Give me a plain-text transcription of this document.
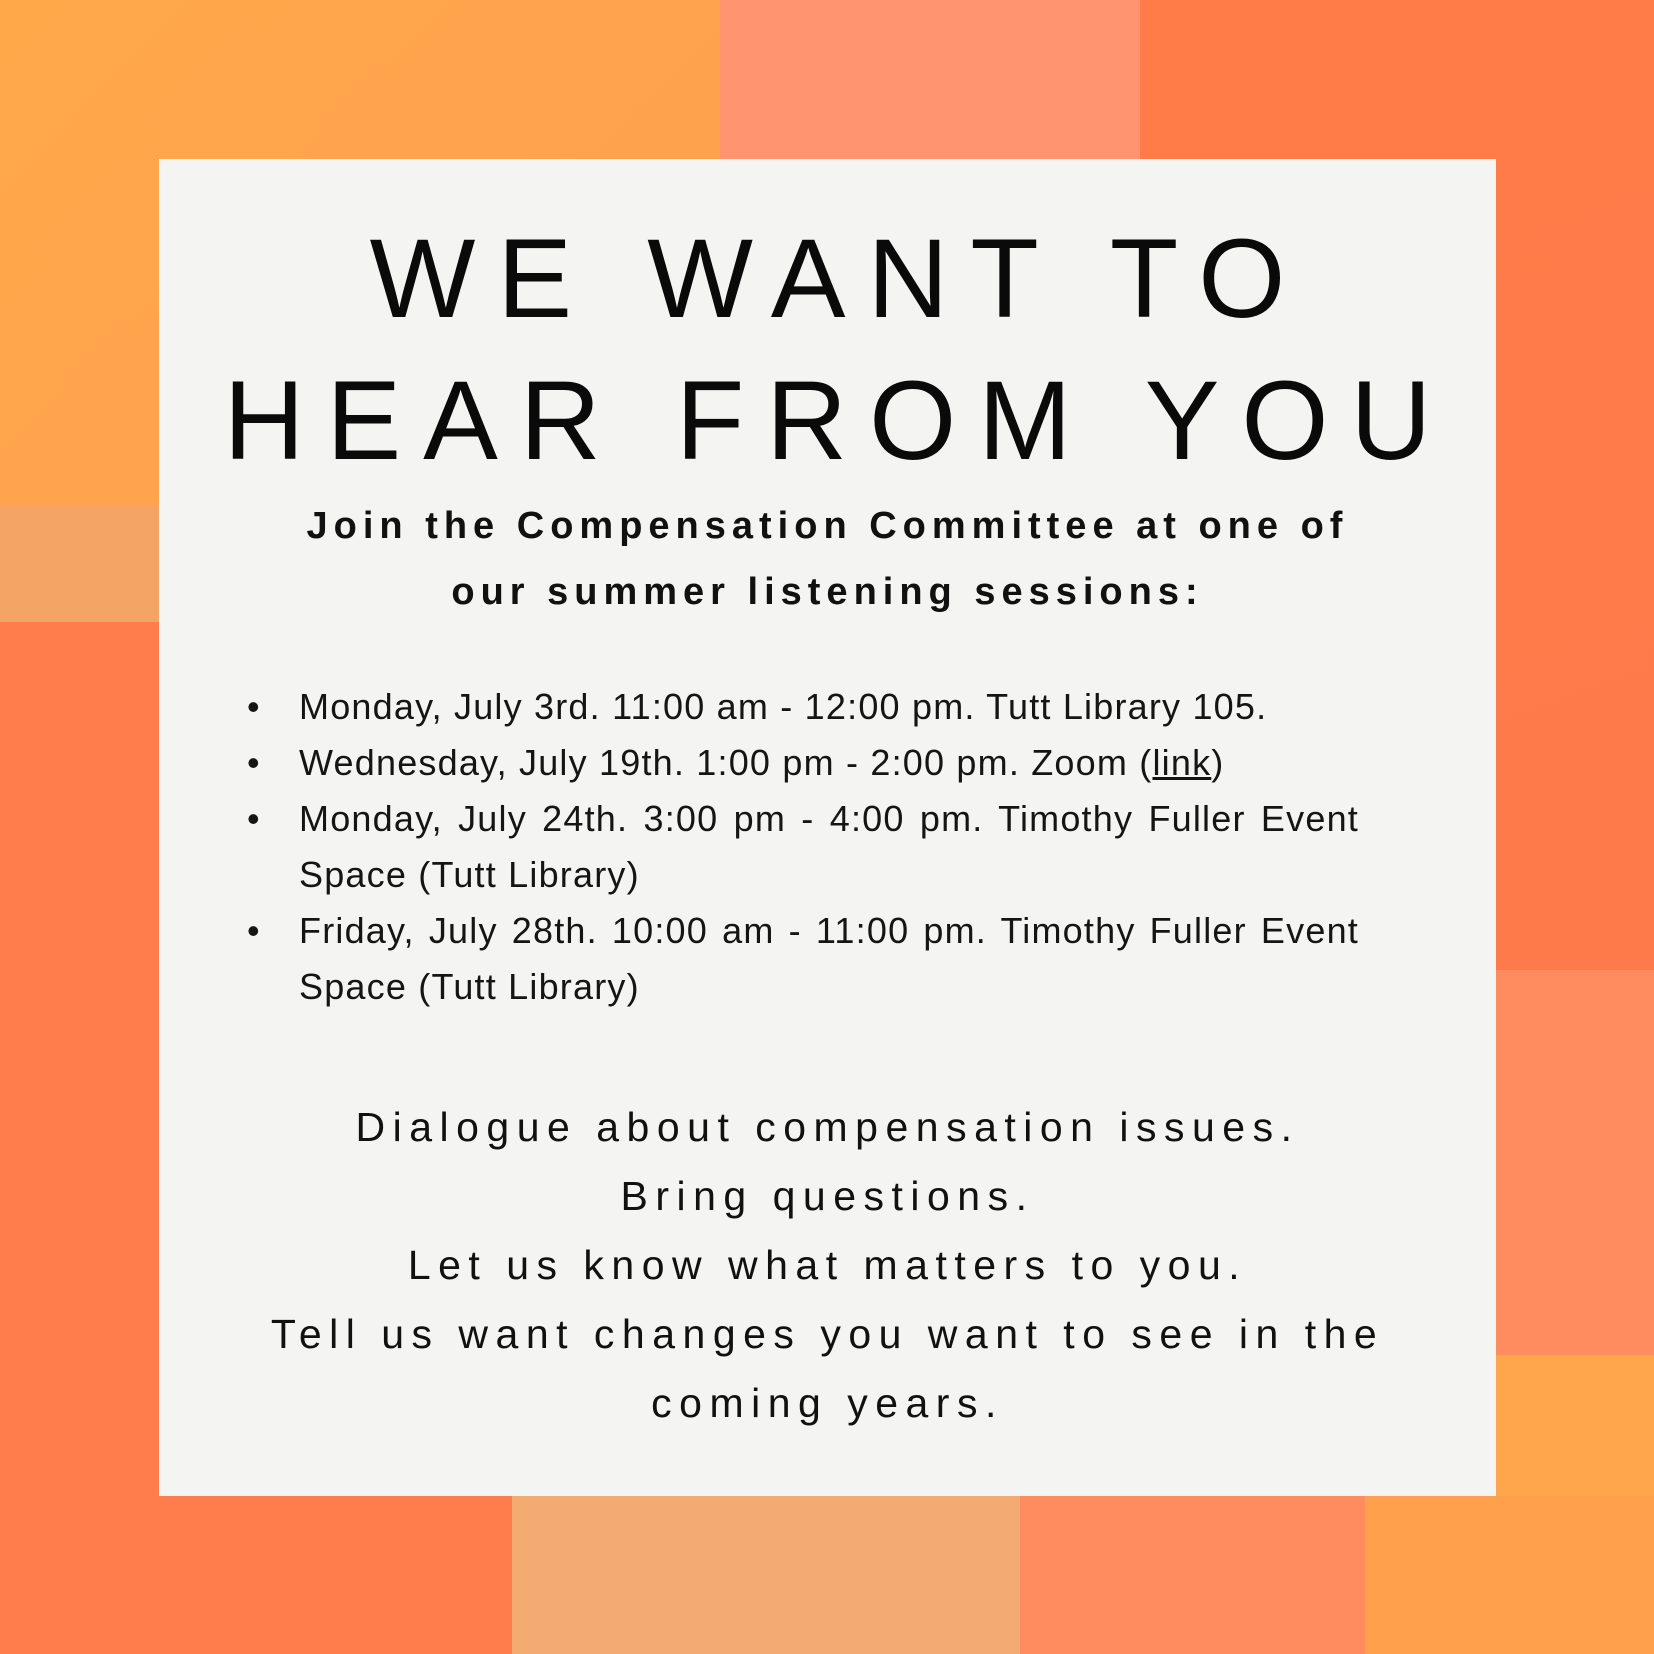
WE WANT TO
HEAR FROM YOU

Join the Compensation Committee at one of
our summer listening sessions:

• Monday, July 3rd. 11:00 am - 12:00 pm. Tutt Library 105.
• Wednesday, July 19th. 1:00 pm - 2:00 pm. Zoom (link)
• Monday, July 24th. 3:00 pm - 4:00 pm. Timothy Fuller Event Space (Tutt Library)
• Friday, July 28th. 10:00 am - 11:00 pm. Timothy Fuller Event Space (Tutt Library)

Dialogue about compensation issues.
Bring questions.
Let us know what matters to you.
Tell us want changes you want to see in the
coming years.
